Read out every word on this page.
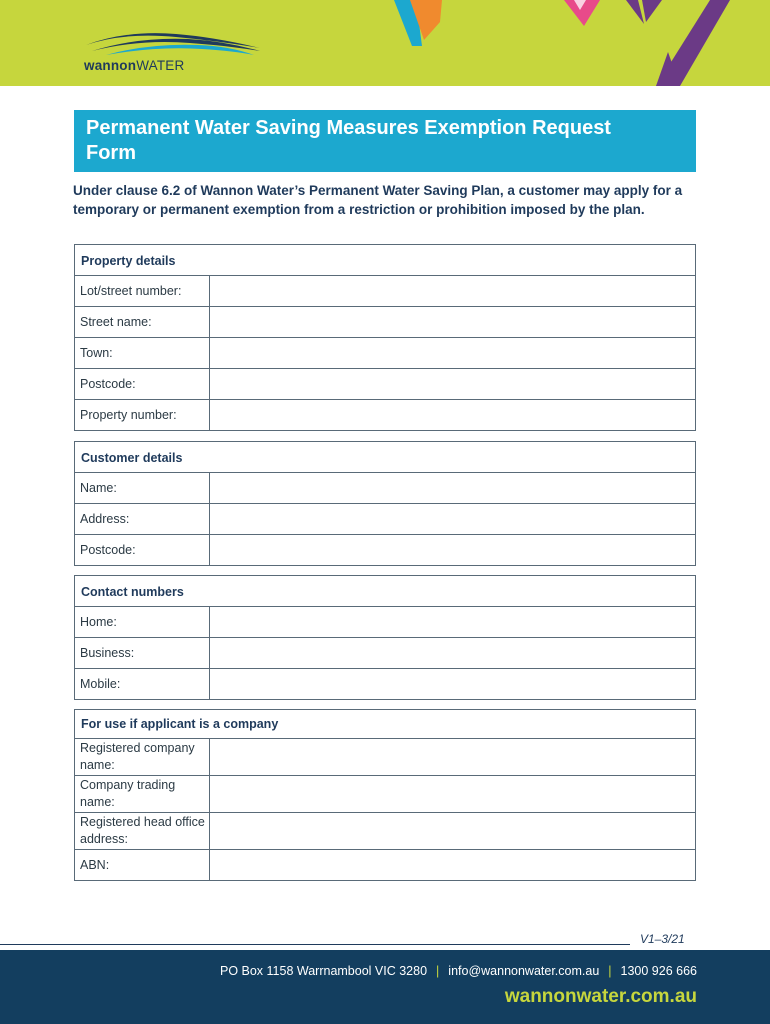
wannonWATER
Permanent Water Saving Measures Exemption Request Form

Under clause 6.2 of Wannon Water’s Permanent Water Saving Plan, a customer may apply for a temporary or permanent exemption from a restriction or prohibition imposed by the plan.

Property details
Lot/street number:
Street name:
Town:
Postcode:
Property number:
Customer details
Name:
Address:
Postcode:
Contact numbers
Home:
Business:
Mobile:
For use if applicant is a company
Registered company name:
Company trading name:
Registered head office address:
ABN:
V1–3/21
PO Box 1158 Warrnambool VIC 3280 | info@wannonwater.com.au | 1300 926 666
wannonwater.com.au
